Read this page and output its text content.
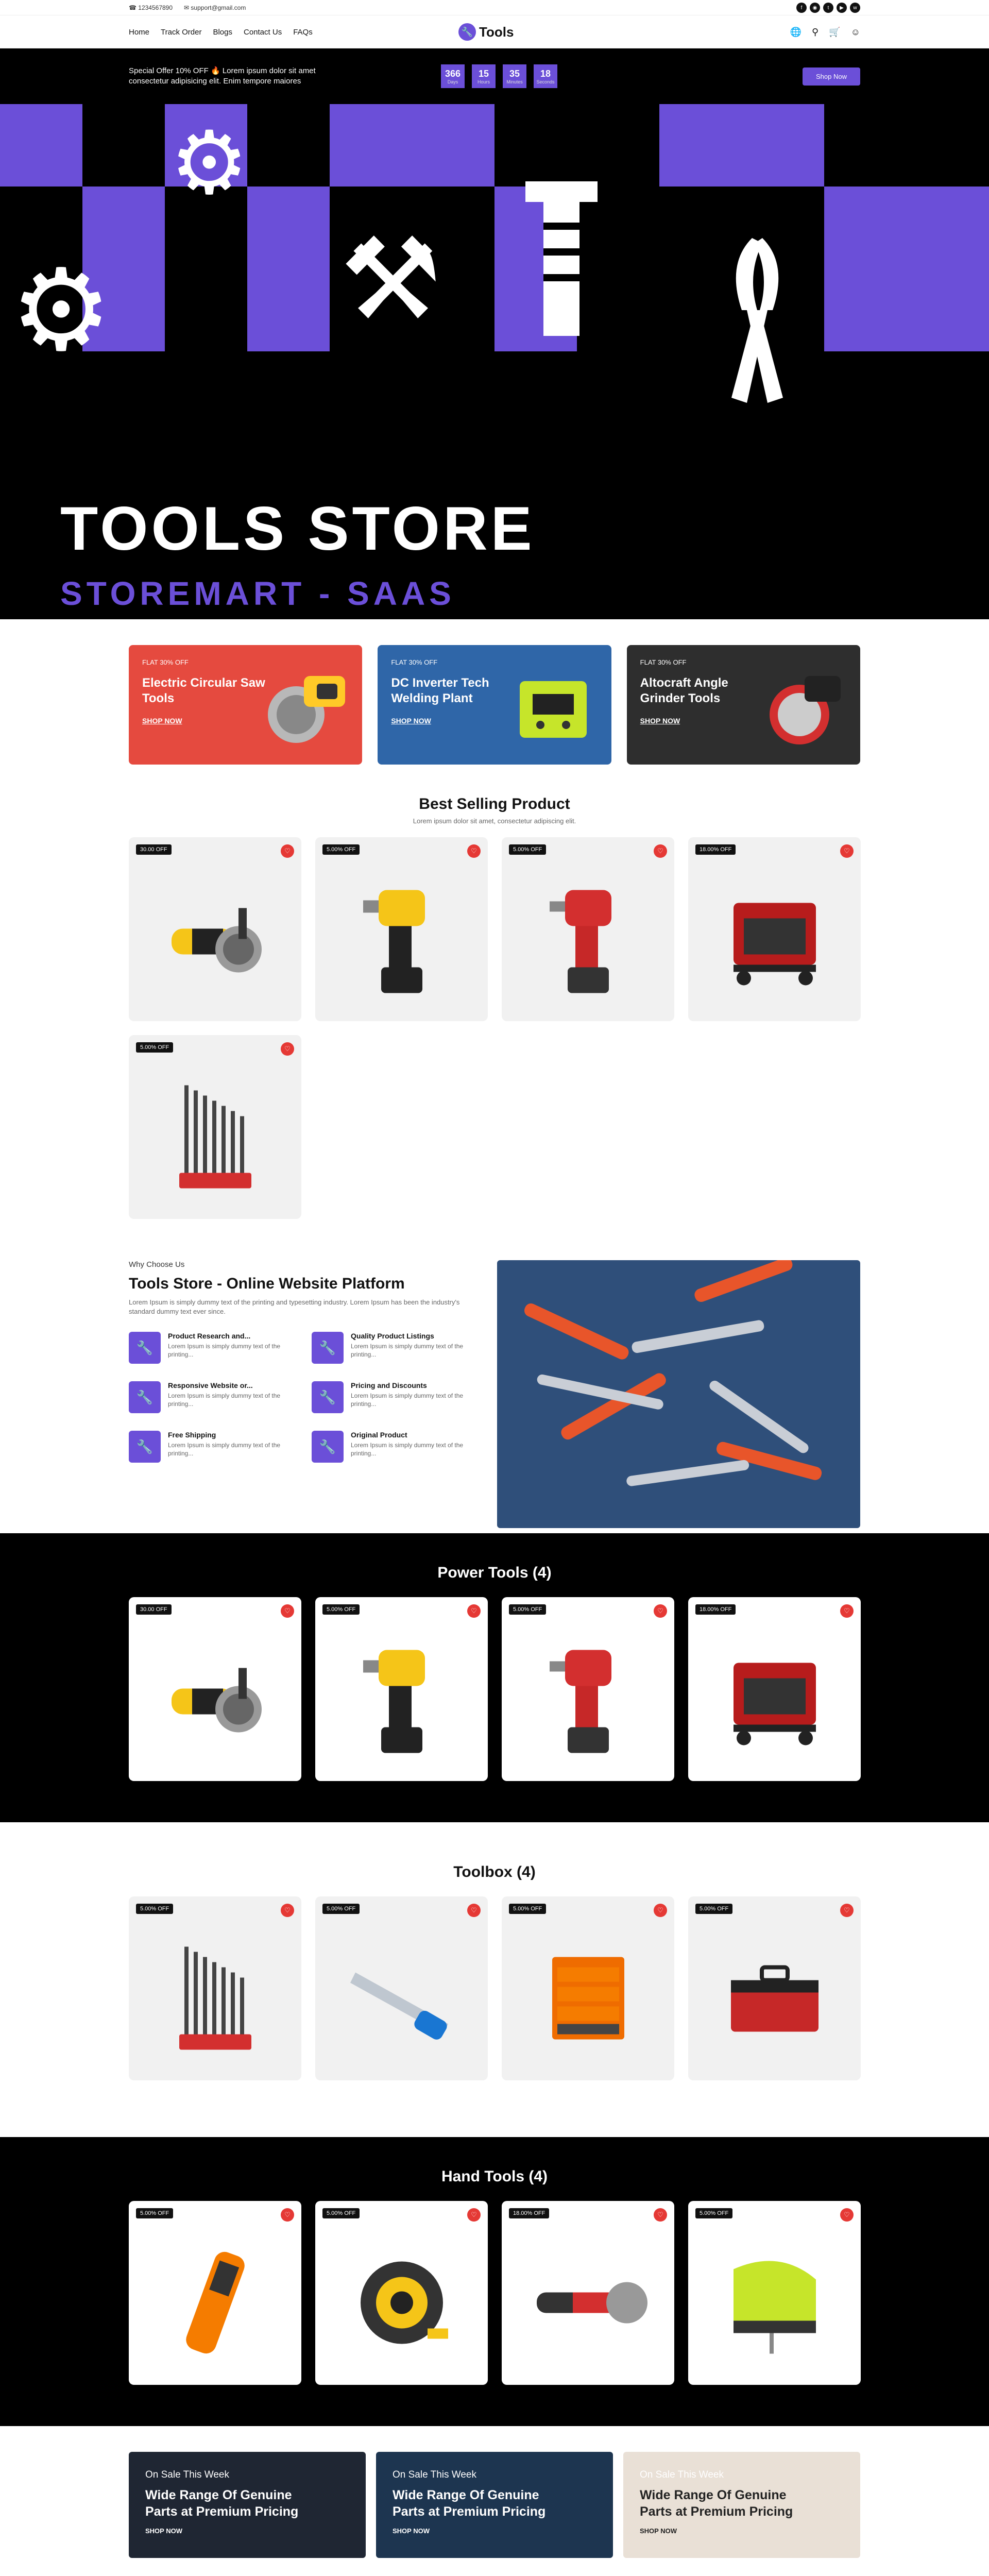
☎ 1234567890 ✉ support@gmail.com	f	◉	t	▶	w
Home Track Order Blogs Contact Us FAQs	🔧 Tools	🌐 ⚲ 🛒 ☺
Special Offer 10% OFF 🔥 Lorem ipsum dolor sit amet consectetur adipisicing elit. Enim tempore maiores
366
Days
15
Hours
35
Minutes
18
Seconds
Shop Now
⚙
⚙
⚒
TOOLS STORE
STOREMART - SAAS
FLAT 30% OFF
Electric Circular Saw Tools
SHOP NOW
FLAT 30% OFF
DC Inverter Tech Welding Plant
SHOP NOW
FLAT 30% OFF
Altocraft Angle Grinder Tools
SHOP NOW
Best Selling Product
Lorem ipsum dolor sit amet, consectetur adipiscing elit.
30.00 OFF	♡	5.00% OFF	♡	5.00% OFF	♡	18.00% OFF	♡
5.00% OFF	♡
Why Choose Us
Tools Store - Online Website Platform
Lorem Ipsum is simply dummy text of the printing and typesetting industry. Lorem Ipsum has been the industry's standard dummy text ever since.
🔧
Product Research and...
Lorem Ipsum is simply dummy text of the printing...	🔧
Quality Product Listings
Lorem Ipsum is simply dummy text of the printing...
🔧
Responsive Website or...
Lorem Ipsum is simply dummy text of the printing...	🔧
Pricing and Discounts
Lorem Ipsum is simply dummy text of the printing...
🔧
Free Shipping
Lorem Ipsum is simply dummy text of the printing...	🔧
Original Product
Lorem Ipsum is simply dummy text of the printing...
Power Tools (4)
30.00 OFF	♡	5.00% OFF	♡	5.00% OFF	♡	18.00% OFF	♡
Toolbox (4)
5.00% OFF	♡	5.00% OFF	♡	5.00% OFF	♡	5.00% OFF	♡
Hand Tools (4)
5.00% OFF	♡	5.00% OFF	♡	18.00% OFF	♡	5.00% OFF	♡
On Sale This Week
Wide Range Of Genuine Parts at Premium Pricing
SHOP NOW
On Sale This Week
Wide Range Of Genuine Parts at Premium Pricing
SHOP NOW
On Sale This Week
Wide Range Of Genuine Parts at Premium Pricing
SHOP NOW
